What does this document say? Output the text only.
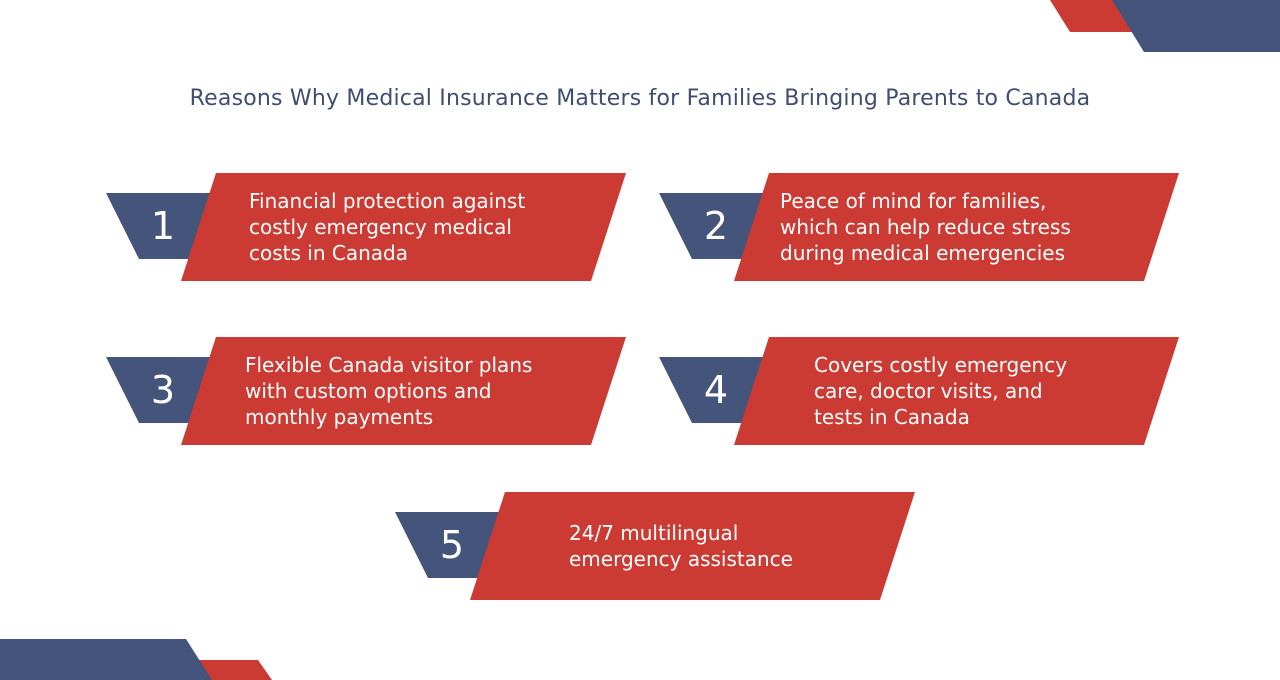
Reasons Why Medical Insurance Matters for Families Bringing Parents to Canada
1
Financial protection against
costly emergency medical
costs in Canada
2
Peace of mind for families,
which can help reduce stress
during medical emergencies
3
Flexible Canada visitor plans
with custom options and
monthly payments
4
Covers costly emergency
care, doctor visits, and
tests in Canada
5	24/7 multilingual
emergency assistance
